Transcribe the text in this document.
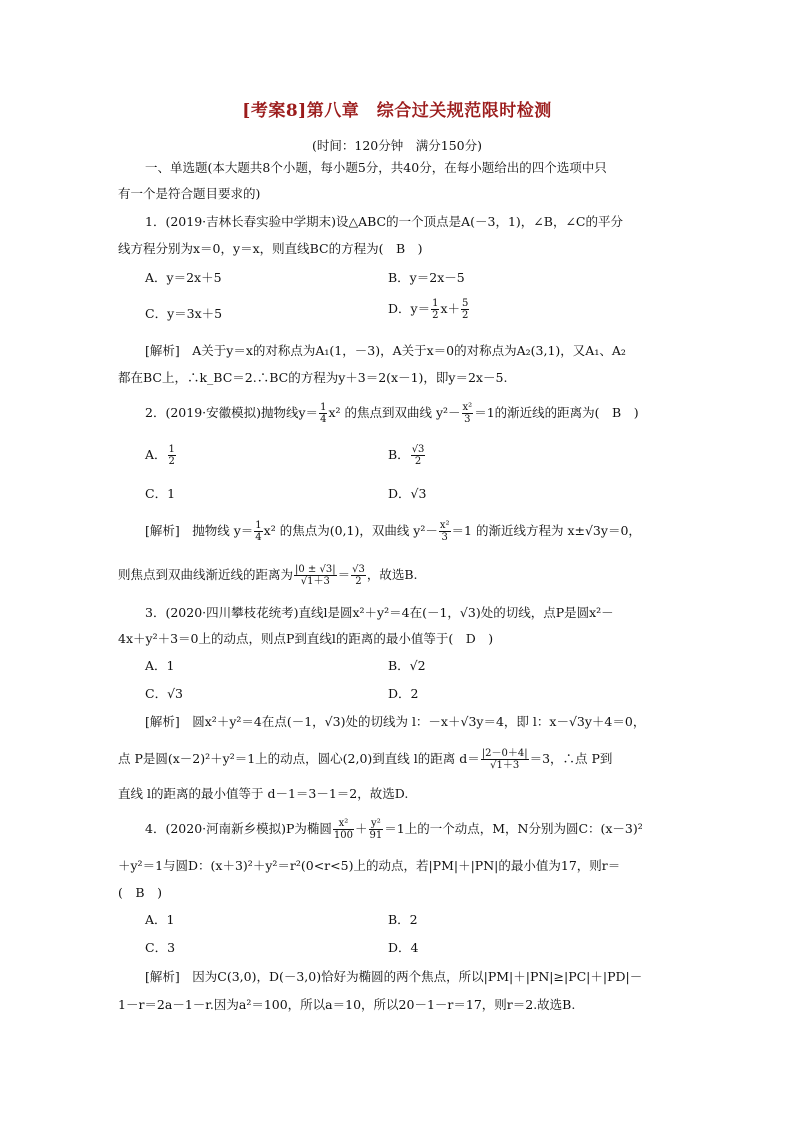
[考案8]第八章　综合过关规范限时检测
(时间：120分钟　满分150分)
一、单选题(本大题共8个小题，每小题5分，共40分，在每小题给出的四个选项中只
有一个是符合题目要求的)
1．(2019·吉林长春实验中学期末)设△ABC的一个顶点是A(－3，1)，∠B，∠C的平分
线方程分别为x＝0，y＝x，则直线BC的方程为(　B　)
A．y＝2x＋5	B．y＝2x－5
C．y＝3x＋5	D．$y= \frac{1}{2} x+ \frac{5}{2}$
[解析]　A关于y＝x的对称点为A₁(1，－3)，A关于x＝0的对称点为A₂(3,1)，又A₁、A₂
都在BC上，∴k_BC＝2.∴BC的方程为y＋3＝2(x－1)，即y＝2x－5.
2．(2019·安徽模拟)抛物线$y= \frac{1}{4} x^2$ 的焦点到双曲线 $y^2- \frac{\text{x²}}{3} =1$的渐近线的距离为(　B　)
A． $\frac{1}{2}$	B． $\frac{√3}{2}$
C．1	D．√3
[解析]　抛物线 $y= \frac{1}{4} x^2$ 的焦点为(0,1)，双曲线 $y^2- \frac{\text{x²}}{3} =1$ 的渐近线方程为 x±√3y＝0，
则焦点到双曲线渐近线的距离为 $\frac{|0 \pm √3|}{√1+3} = \frac{√3}{2}$ ，故选B.
3．(2020·四川攀枝花统考)直线l是圆x²＋y²＝4在(－1，√3)处的切线，点P是圆x²－
4x＋y²＋3＝0上的动点，则点P到直线l的距离的最小值等于(　D　)
A．1	B．√2
C．√3	D．2
[解析]　圆x²＋y²＝4在点(－1，√3)处的切线为 l：－x＋√3y＝4，即 l：x－√3y＋4＝0，
点 P是圆(x－2)²＋y²＝1上的动点，圆心(2,0)到直线 l的距离 $d= \frac{|2-0+4|}{√1+3} =3$，∴点 P到
直线 l的距离的最小值等于 d－1＝3－1＝2，故选D.
4．(2020·河南新乡模拟)P为椭圆 $\frac{\text{x²}}{100} + \frac{\text{y²}}{91} =1$上的一个动点，M，N分别为圆C：(x－3)²
＋y²＝1与圆D：(x＋3)²＋y²＝r²(0<r<5)上的动点，若|PM|＋|PN|的最小值为17，则r＝
(　B　)
A．1	B．2
C．3	D．4
[解析]　因为C(3,0)，D(－3,0)恰好为椭圆的两个焦点，所以|PM|＋|PN|≥|PC|＋|PD|－
1－r＝2a－1－r.因为a²＝100，所以a＝10，所以20－1－r＝17，则r＝2.故选B.
